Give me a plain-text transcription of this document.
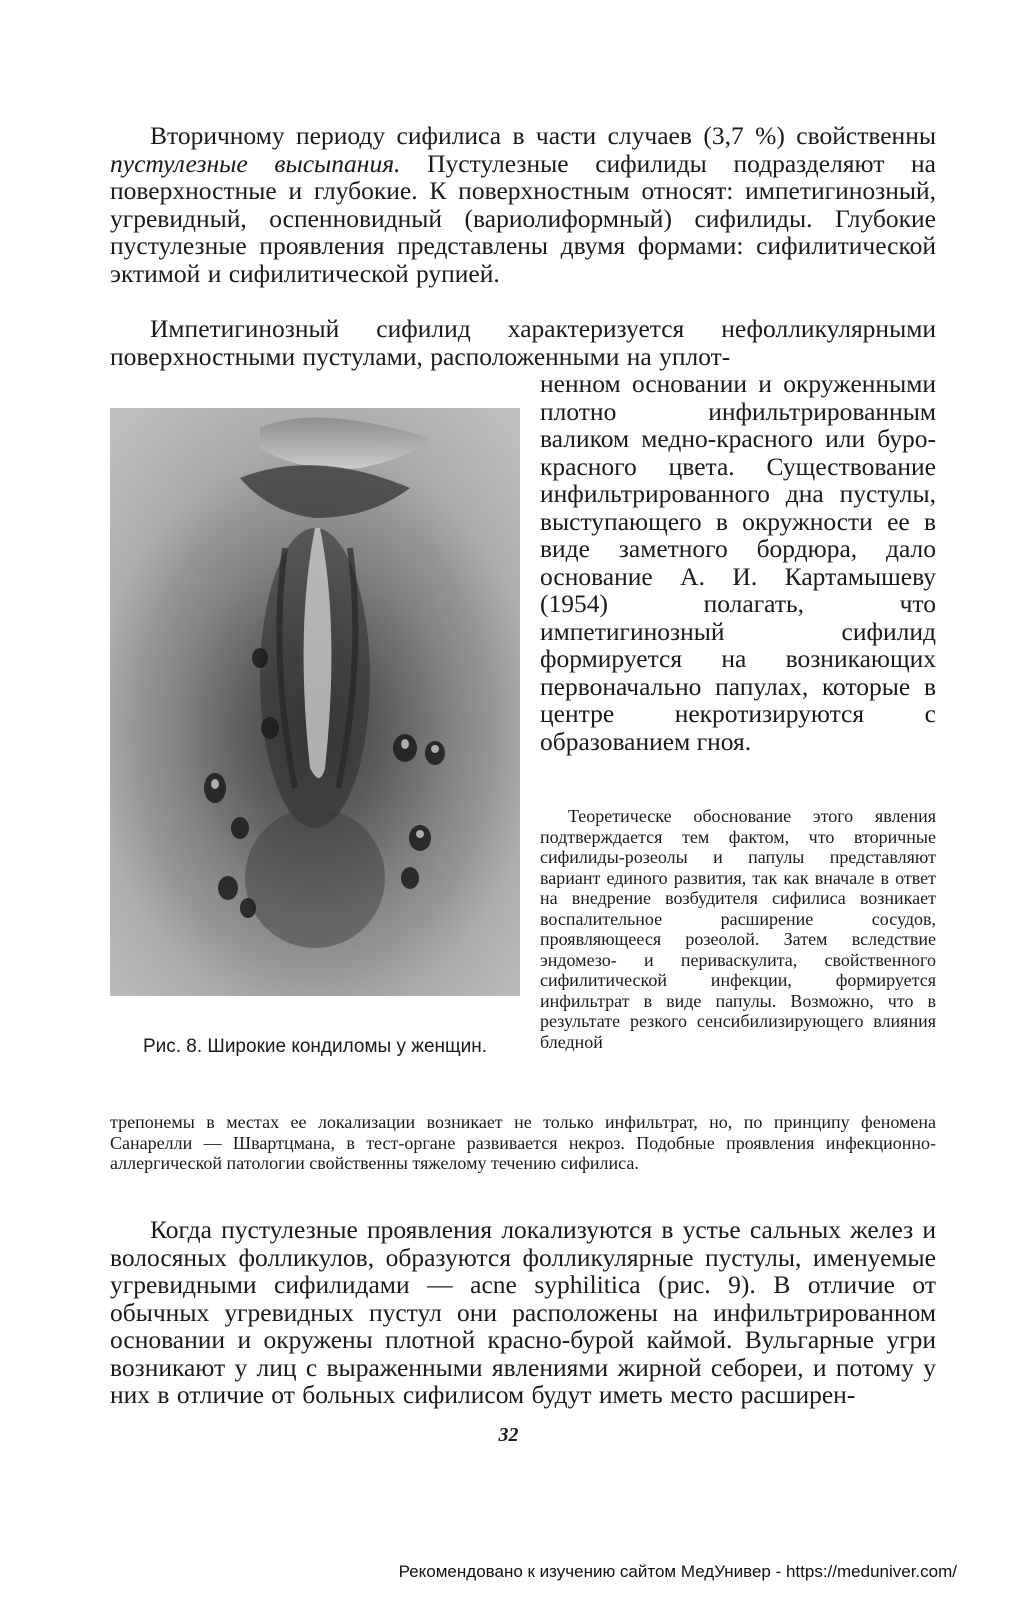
Вторичному периоду сифилиса в части случаев (3,7 %) свойственны пустулезные высыпания. Пустулезные сифилиды подразделяют на поверхностные и глубокие. К поверхностным относят: импетигинозный, угревидный, оспенновидный (вариолиформный) сифилиды. Глубокие пустулезные проявления представлены двумя формами: сифилитической эктимой и сифилитической рупией.

Импетигинозный сифилид характеризуется нефолликулярными поверхностными пустулами, расположенными на уплот-

ненном основании и окруженными плотно инфильтрированным валиком медно-красного или буро-красного цвета. Существование инфильтрированного дна пустулы, выступающего в окружности ее в виде заметного бордюра, дало основание А. И. Картамышеву (1954) полагать, что импетигинозный сифилид формируется на возникающих первоначально папулах, которые в центре некротизируются с образованием гноя.

Рис. 8. Широкие кондиломы у женщин.

Теоретическе обоснование этого явления подтверждается тем фактом, что вторичные сифилиды-розеолы и папулы представляют вариант единого развития, так как вначале в ответ на внедрение возбудителя сифилиса возникает воспалительное расширение сосудов, проявляющееся розеолой. Затем вследствие эндомезо- и периваскулита, свойственного сифилитической инфекции, формируется инфильтрат в виде папулы. Возможно, что в результате резкого сенсибилизирующего влияния бледной

трепонемы в местах ее локализации возникает не только инфильтрат, но, по принципу феномена Санарелли — Швартцмана, в тест-органе развивается некроз. Подобные проявления инфекционно-аллергической патологии свойственны тяжелому течению сифилиса.

Когда пустулезные проявления локализуются в устье сальных желез и волосяных фолликулов, образуются фолликулярные пустулы, именуемые угревидными сифилидами — acne syphilitica (рис. 9). В отличие от обычных угревидных пустул они расположены на инфильтрированном основании и окружены плотной красно-бурой каймой. Вульгарные угри возникают у лиц с выраженными явлениями жирной себореи, и потому у них в отличие от больных сифилисом будут иметь место расширен-

32
Рекомендовано к изучению сайтом МедУнивер - https://meduniver.com/
